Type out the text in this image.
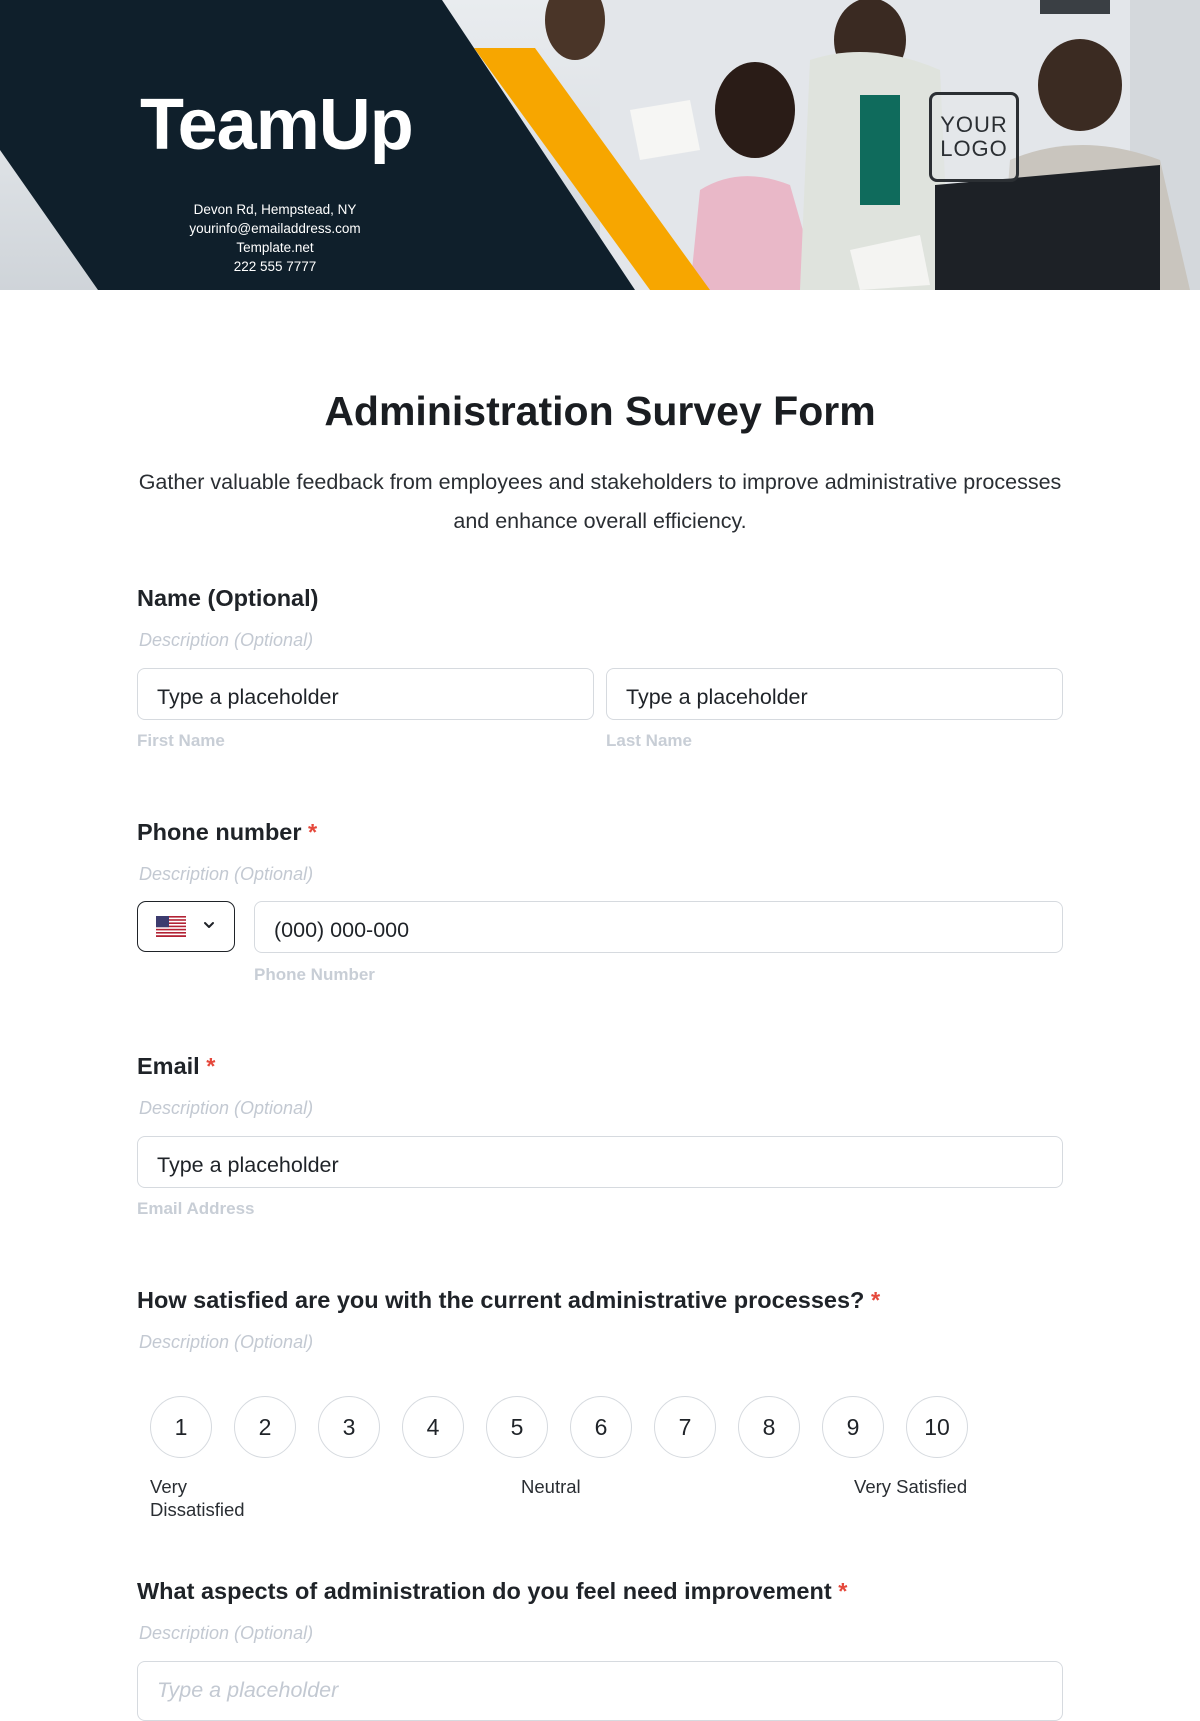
TeamUp
Devon Rd, Hempstead, NY
yourinfo@emailaddress.com
Template.net
222 555 7777
YOUR
LOGO
Administration Survey Form
Gather valuable feedback from employees and stakeholders to improve administrative processes and enhance overall efficiency.
Name (Optional)
Description (Optional)
Type a placeholder	Type a placeholder
First Name	Last Name
Phone number *
Description (Optional)
(000) 000-000
Phone Number
Email *
Description (Optional)
Type a placeholder
Email Address
How satisfied are you with the current administrative processes? *
Description (Optional)
1	2	3	4	5	6	7	8	9	10
Very
Dissatisfied
Neutral	Very Satisfied
What aspects of administration do you feel need improvement *
Description (Optional)
Type a placeholder
